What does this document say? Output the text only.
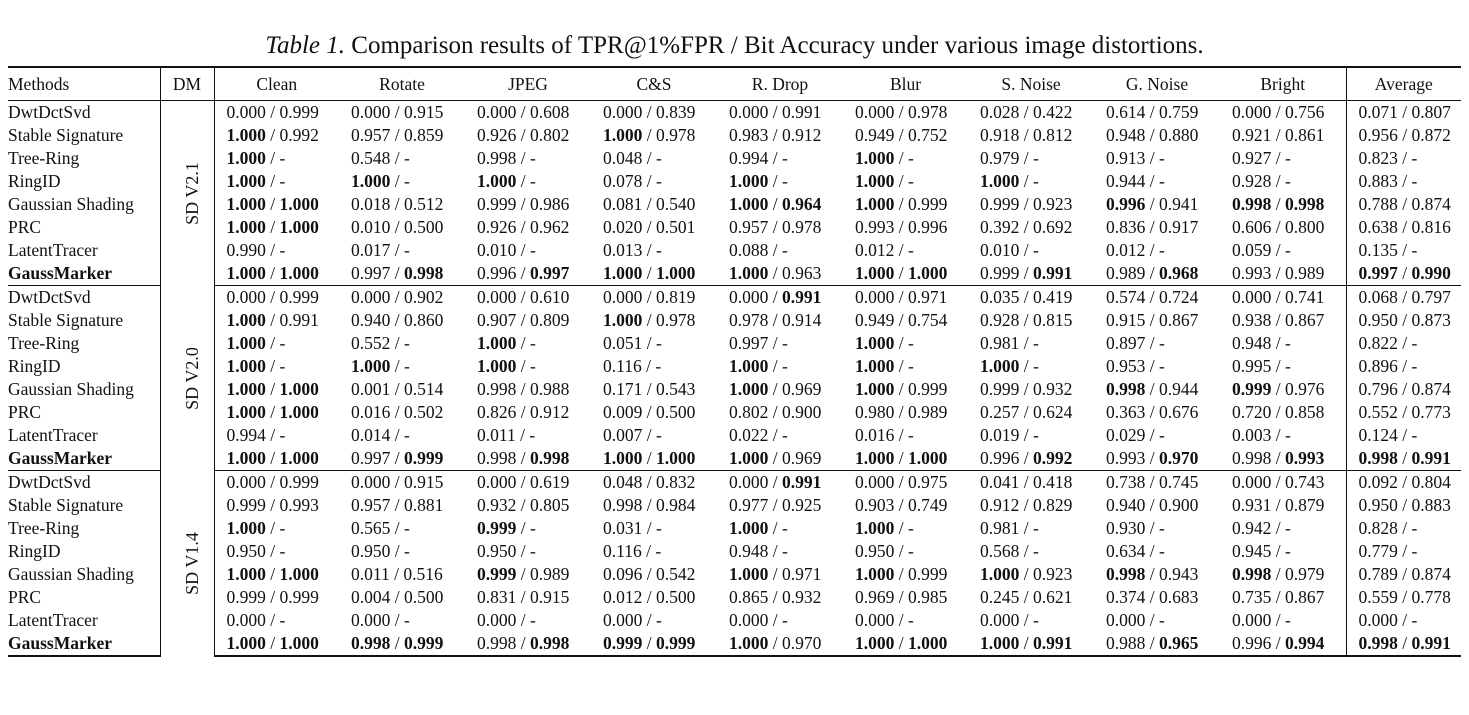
Table 1. Comparison results of TPR@1%FPR / Bit Accuracy under various image distortions.
Methods	DM	Clean	Rotate	JPEG	C&S	R. Drop	Blur	S. Noise	G. Noise	Bright	Average
DwtDctSvd	SD V2.1	0.000 / 0.999	0.000 / 0.915	0.000 / 0.608	0.000 / 0.839	0.000 / 0.991	0.000 / 0.978	0.028 / 0.422	0.614 / 0.759	0.000 / 0.756	0.071 / 0.807
Stable Signature		1.000 / 0.992	0.957 / 0.859	0.926 / 0.802	1.000 / 0.978	0.983 / 0.912	0.949 / 0.752	0.918 / 0.812	0.948 / 0.880	0.921 / 0.861	0.956 / 0.872
Tree-Ring		1.000 / -	0.548 / -	0.998 / -	0.048 / -	0.994 / -	1.000 / -	0.979 / -	0.913 / -	0.927 / -	0.823 / -
RingID		1.000 / -	1.000 / -	1.000 / -	0.078 / -	1.000 / -	1.000 / -	1.000 / -	0.944 / -	0.928 / -	0.883 / -
Gaussian Shading		1.000 / 1.000	0.018 / 0.512	0.999 / 0.986	0.081 / 0.540	1.000 / 0.964	1.000 / 0.999	0.999 / 0.923	0.996 / 0.941	0.998 / 0.998	0.788 / 0.874
PRC		1.000 / 1.000	0.010 / 0.500	0.926 / 0.962	0.020 / 0.501	0.957 / 0.978	0.993 / 0.996	0.392 / 0.692	0.836 / 0.917	0.606 / 0.800	0.638 / 0.816
LatentTracer		0.990 / -	0.017 / -	0.010 / -	0.013 / -	0.088 / -	0.012 / -	0.010 / -	0.012 / -	0.059 / -	0.135 / -
GaussMarker		1.000 / 1.000	0.997 / 0.998	0.996 / 0.997	1.000 / 1.000	1.000 / 0.963	1.000 / 1.000	0.999 / 0.991	0.989 / 0.968	0.993 / 0.989	0.997 / 0.990
DwtDctSvd	SD V2.0	0.000 / 0.999	0.000 / 0.902	0.000 / 0.610	0.000 / 0.819	0.000 / 0.991	0.000 / 0.971	0.035 / 0.419	0.574 / 0.724	0.000 / 0.741	0.068 / 0.797
Stable Signature		1.000 / 0.991	0.940 / 0.860	0.907 / 0.809	1.000 / 0.978	0.978 / 0.914	0.949 / 0.754	0.928 / 0.815	0.915 / 0.867	0.938 / 0.867	0.950 / 0.873
Tree-Ring		1.000 / -	0.552 / -	1.000 / -	0.051 / -	0.997 / -	1.000 / -	0.981 / -	0.897 / -	0.948 / -	0.822 / -
RingID		1.000 / -	1.000 / -	1.000 / -	0.116 / -	1.000 / -	1.000 / -	1.000 / -	0.953 / -	0.995 / -	0.896 / -
Gaussian Shading		1.000 / 1.000	0.001 / 0.514	0.998 / 0.988	0.171 / 0.543	1.000 / 0.969	1.000 / 0.999	0.999 / 0.932	0.998 / 0.944	0.999 / 0.976	0.796 / 0.874
PRC		1.000 / 1.000	0.016 / 0.502	0.826 / 0.912	0.009 / 0.500	0.802 / 0.900	0.980 / 0.989	0.257 / 0.624	0.363 / 0.676	0.720 / 0.858	0.552 / 0.773
LatentTracer		0.994 / -	0.014 / -	0.011 / -	0.007 / -	0.022 / -	0.016 / -	0.019 / -	0.029 / -	0.003 / -	0.124 / -
GaussMarker		1.000 / 1.000	0.997 / 0.999	0.998 / 0.998	1.000 / 1.000	1.000 / 0.969	1.000 / 1.000	0.996 / 0.992	0.993 / 0.970	0.998 / 0.993	0.998 / 0.991
DwtDctSvd	SD V1.4	0.000 / 0.999	0.000 / 0.915	0.000 / 0.619	0.048 / 0.832	0.000 / 0.991	0.000 / 0.975	0.041 / 0.418	0.738 / 0.745	0.000 / 0.743	0.092 / 0.804
Stable Signature		0.999 / 0.993	0.957 / 0.881	0.932 / 0.805	0.998 / 0.984	0.977 / 0.925	0.903 / 0.749	0.912 / 0.829	0.940 / 0.900	0.931 / 0.879	0.950 / 0.883
Tree-Ring		1.000 / -	0.565 / -	0.999 / -	0.031 / -	1.000 / -	1.000 / -	0.981 / -	0.930 / -	0.942 / -	0.828 / -
RingID		0.950 / -	0.950 / -	0.950 / -	0.116 / -	0.948 / -	0.950 / -	0.568 / -	0.634 / -	0.945 / -	0.779 / -
Gaussian Shading		1.000 / 1.000	0.011 / 0.516	0.999 / 0.989	0.096 / 0.542	1.000 / 0.971	1.000 / 0.999	1.000 / 0.923	0.998 / 0.943	0.998 / 0.979	0.789 / 0.874
PRC		0.999 / 0.999	0.004 / 0.500	0.831 / 0.915	0.012 / 0.500	0.865 / 0.932	0.969 / 0.985	0.245 / 0.621	0.374 / 0.683	0.735 / 0.867	0.559 / 0.778
LatentTracer		0.000 / -	0.000 / -	0.000 / -	0.000 / -	0.000 / -	0.000 / -	0.000 / -	0.000 / -	0.000 / -	0.000 / -
GaussMarker		1.000 / 1.000	0.998 / 0.999	0.998 / 0.998	0.999 / 0.999	1.000 / 0.970	1.000 / 1.000	1.000 / 0.991	0.988 / 0.965	0.996 / 0.994	0.998 / 0.991
